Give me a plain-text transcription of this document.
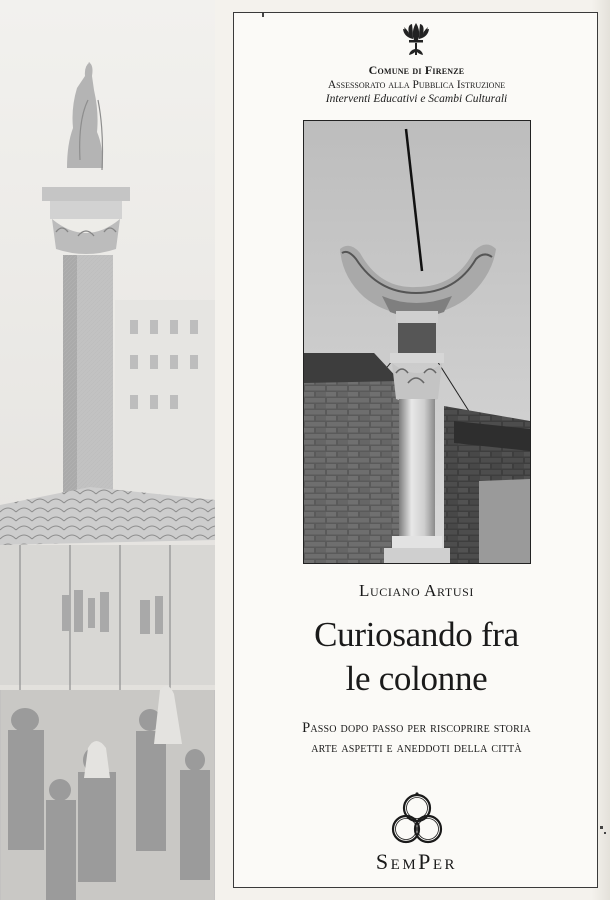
Comune di Firenze
Assessorato alla Pubblica Istruzione
Interventi Educativi e Scambi Culturali
Luciano Artusi
Curiosando fra
le colonne
Passo dopo passo per riscoprire storia
arte aspetti e aneddoti della città
SemPer
